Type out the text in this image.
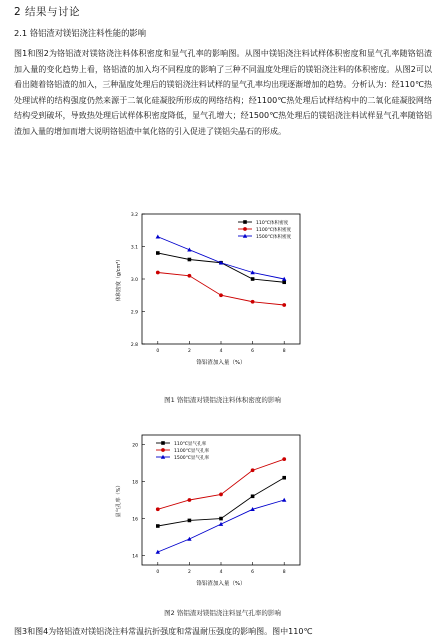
2 结果与讨论
2.1 铬铝渣对镁铝浇注料性能的影响
图1和图2为铬铝渣对镁铬浇注料体积密度和显气孔率的影响图。从图中镁铝浇注料试样体积密度和显气孔率随铬铝渣加入量的变化趋势上看，铬铝渣的加入均不同程度的影响了三种不同温度处理后的镁铝浇注料的体积密度。从图2可以看出随着铬铝渣的加入，三种温度处理后的镁铝浇注料试样的显气孔率均出现逐渐增加的趋势。分析认为：经110℃热处理试样的结构强度仍然来源于二氧化硅凝胶所形成的网络结构；经1100℃热处理后试样结构中的二氧化硅凝胶网络结构受到破坏，导致热处理后试样体积密度降低，显气孔增大；经1500℃热处理后的镁铝浇注料试样显气孔率随铬铝渣加入量的增加而增大说明铬铝渣中氧化铬的引入促进了镁铝尖晶石的形成。
2.8
2.9
3.0
3.1
3.2
0	2	4	6	8
铬铝渣加入量（%）
体积密度（g/cm³）
110℃体积密度
1100℃体积密度
1500℃体积密度
图1 铬铝渣对镁铝浇注料体积密度的影响
14
16
18
20
0	2	4	6	8
铬铝渣加入量（%）
显气孔率（%）
110℃显气孔率
1100℃显气孔率
1500℃显气孔率
图2 铬铝渣对镁铝浇注料显气孔率的影响
图3和图4为铬铝渣对镁铝浇注料常温抗折强度和常温耐压强度的影响图。图中110℃
